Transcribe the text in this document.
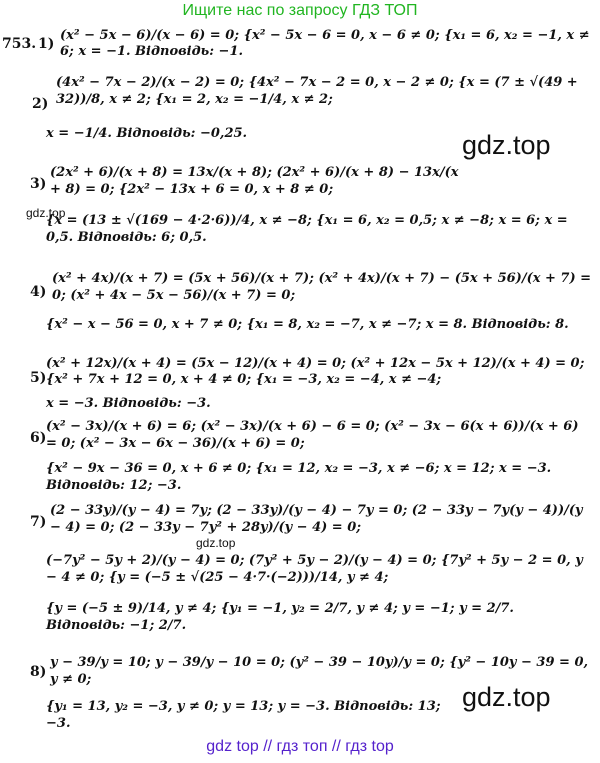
Ищите нас по запросу ГДЗ ТОП
753. 1)
(x² − 5x − 6)/(x − 6) = 0; {x² − 5x − 6 = 0, x − 6 ≠ 0; {x₁ = 6, x₂ = −1, x ≠ 6; x = −1. Відповідь: −1.
2)
(4x² − 7x − 2)/(x − 2) = 0; {4x² − 7x − 2 = 0, x − 2 ≠ 0; {x = (7 ± √(49 + 32))/8, x ≠ 2; {x₁ = 2, x₂ = −1/4, x ≠ 2;
x = −1/4. Відповідь: −0,25.	gdz.top
3)
(2x² + 6)/(x + 8) = 13x/(x + 8); (2x² + 6)/(x + 8) − 13x/(x + 8) = 0; {2x² − 13x + 6 = 0, x + 8 ≠ 0;
gdz.top
{x = (13 ± √(169 − 4·2·6))/4, x ≠ −8; {x₁ = 6, x₂ = 0,5; x ≠ −8; x = 6; x = 0,5. Відповідь: 6; 0,5.
4)
(x² + 4x)/(x + 7) = (5x + 56)/(x + 7); (x² + 4x)/(x + 7) − (5x + 56)/(x + 7) = 0; (x² + 4x − 5x − 56)/(x + 7) = 0;
{x² − x − 56 = 0, x + 7 ≠ 0; {x₁ = 8, x₂ = −7, x ≠ −7; x = 8. Відповідь: 8.
5)
(x² + 12x)/(x + 4) = (5x − 12)/(x + 4) = 0; (x² + 12x − 5x + 12)/(x + 4) = 0; {x² + 7x + 12 = 0, x + 4 ≠ 0; {x₁ = −3, x₂ = −4, x ≠ −4;
x = −3. Відповідь: −3.
6)
(x² − 3x)/(x + 6) = 6; (x² − 3x)/(x + 6) − 6 = 0; (x² − 3x − 6(x + 6))/(x + 6) = 0; (x² − 3x − 6x − 36)/(x + 6) = 0;
{x² − 9x − 36 = 0, x + 6 ≠ 0; {x₁ = 12, x₂ = −3, x ≠ −6; x = 12; x = −3. Відповідь: 12; −3.
7)
(2 − 33y)/(y − 4) = 7y; (2 − 33y)/(y − 4) − 7y = 0; (2 − 33y − 7y(y − 4))/(y − 4) = 0; (2 − 33y − 7y² + 28y)/(y − 4) = 0;
gdz.top
(−7y² − 5y + 2)/(y − 4) = 0; (7y² + 5y − 2)/(y − 4) = 0; {7y² + 5y − 2 = 0, y − 4 ≠ 0; {y = (−5 ± √(25 − 4·7·(−2)))/14, y ≠ 4;
{y = (−5 ± 9)/14, y ≠ 4; {y₁ = −1, y₂ = 2/7, y ≠ 4; y = −1; y = 2/7. Відповідь: −1; 2/7.
8)
y − 39/y = 10; y − 39/y − 10 = 0; (y² − 39 − 10y)/y = 0; {y² − 10y − 39 = 0, y ≠ 0;
{y₁ = 13, y₂ = −3, y ≠ 0; y = 13; y = −3. Відповідь: 13; −3.
gdz.top
gdz top // гдз топ // гдз top
